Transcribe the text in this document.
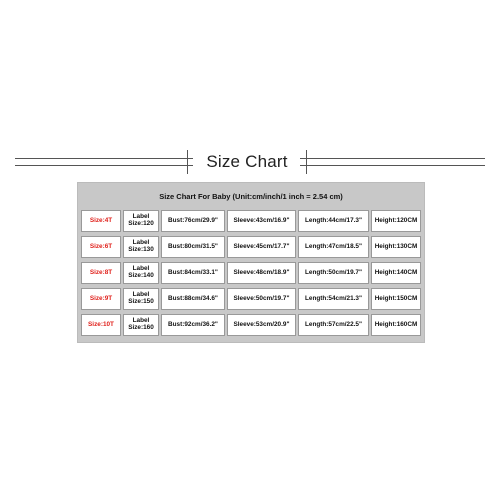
Size Chart
Size Chart For Baby (Unit:cm/inch/1 inch = 2.54 cm)
Size:4T	Label Size:120	Bust:76cm/29.9"	Sleeve:43cm/16.9"	Length:44cm/17.3"	Height:120CM
Size:6T	Label Size:130	Bust:80cm/31.5"	Sleeve:45cm/17.7"	Length:47cm/18.5"	Height:130CM
Size:8T	Label Size:140	Bust:84cm/33.1"	Sleeve:48cm/18.9"	Length:50cm/19.7"	Height:140CM
Size:9T	Label Size:150	Bust:88cm/34.6"	Sleeve:50cm/19.7"	Length:54cm/21.3"	Height:150CM
Size:10T	Label Size:160	Bust:92cm/36.2"	Sleeve:53cm/20.9"	Length:57cm/22.5"	Height:160CM
